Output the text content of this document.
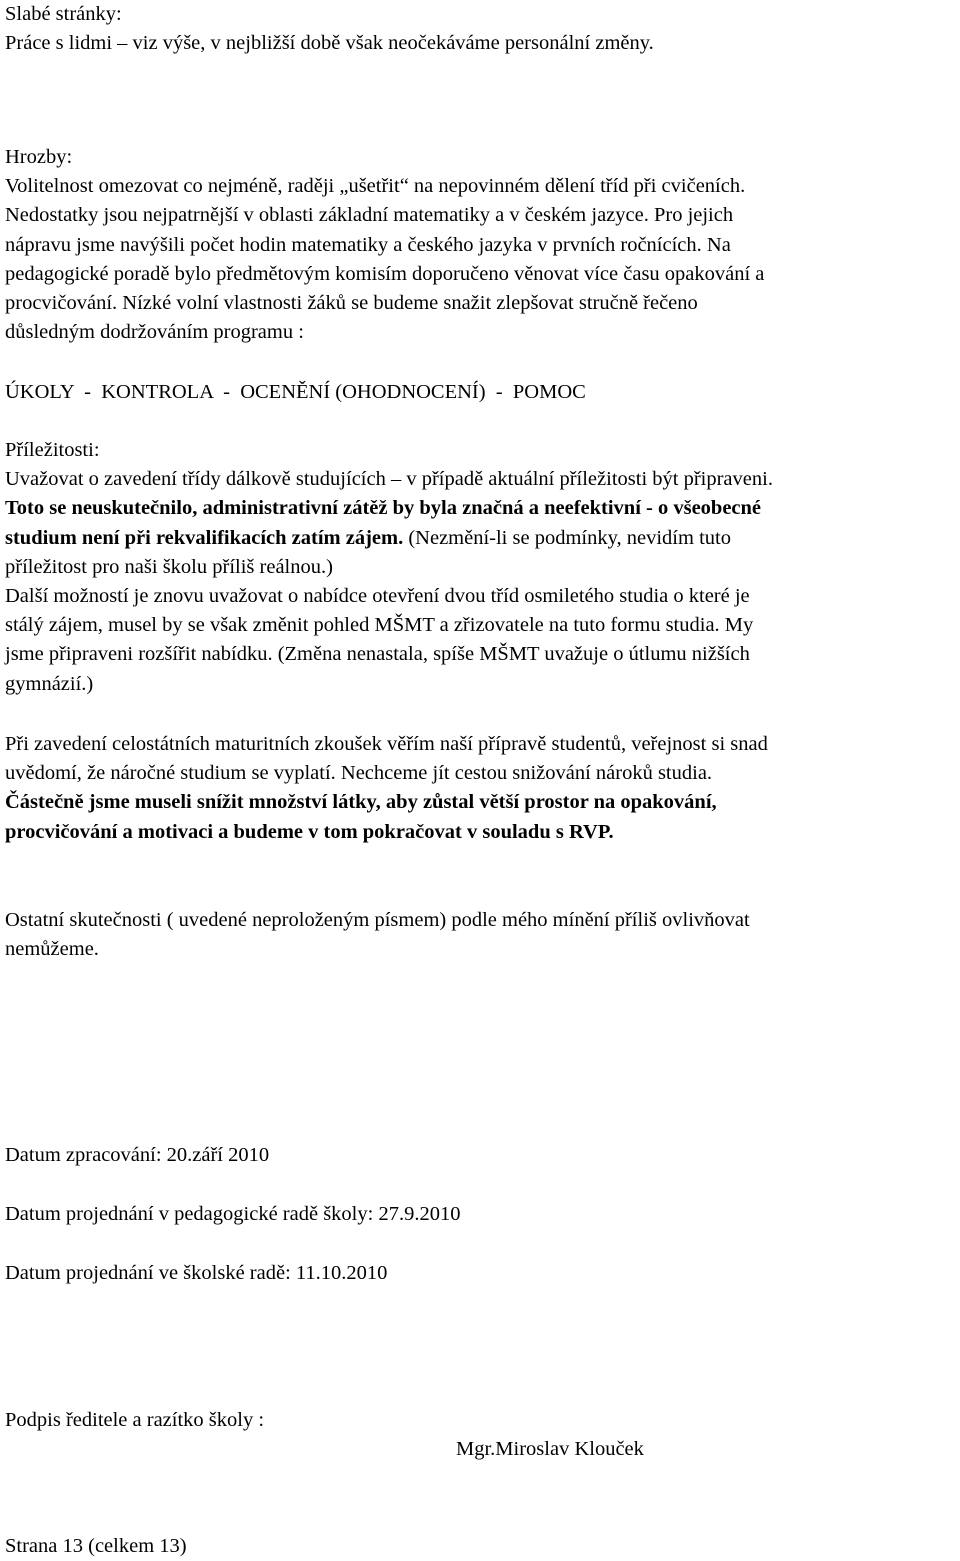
Slabé stránky:
Práce s lidmi – viz výše, v nejbližší době však neočekáváme personální změny.
Hrozby:
Volitelnost omezovat co nejméně, raději „ušetřit“ na nepovinném dělení tříd při cvičeních.
Nedostatky jsou nejpatrnější v oblasti základní matematiky a v českém jazyce. Pro jejich
nápravu jsme navýšili počet hodin matematiky a českého jazyka v prvních ročnících. Na
pedagogické poradě bylo předmětovým komisím doporučeno věnovat více času opakování a
procvičování. Nízké volní vlastnosti žáků se budeme snažit zlepšovat stručně řečeno
důsledným dodržováním programu :
ÚKOLY  -  KONTROLA  -  OCENĚNÍ (OHODNOCENÍ)  -  POMOC
Příležitosti:
Uvažovat o zavedení třídy dálkově studujících – v případě aktuální příležitosti být připraveni.
Toto se neuskutečnilo, administrativní zátěž by byla značná a neefektivní - o všeobecné
studium není při rekvalifikacích zatím zájem. (Nezmění-li se podmínky, nevidím tuto
příležitost pro naši školu příliš reálnou.)
Další možností je znovu uvažovat o nabídce otevření dvou tříd osmiletého studia o které je
stálý zájem, musel by se však změnit pohled MŠMT a zřizovatele na tuto formu studia. My
jsme připraveni rozšířit nabídku. (Změna nenastala, spíše MŠMT uvažuje o útlumu nižších
gymnázií.)
Při zavedení celostátních maturitních zkoušek věřím naší přípravě studentů, veřejnost si snad
uvědomí, že náročné studium se vyplatí. Nechceme jít cestou snižování nároků studia.
Částečně jsme museli snížit množství látky, aby zůstal větší prostor na opakování,
procvičování a motivaci a budeme v tom pokračovat v souladu s RVP.
Ostatní skutečnosti ( uvedené neproloženým písmem) podle mého mínění příliš ovlivňovat
nemůžeme.
Datum zpracování: 20.září 2010
Datum projednání v pedagogické radě školy: 27.9.2010
Datum projednání ve školské radě: 11.10.2010
Podpis ředitele a razítko školy :
Mgr.Miroslav Klouček
Strana 13 (celkem 13)
